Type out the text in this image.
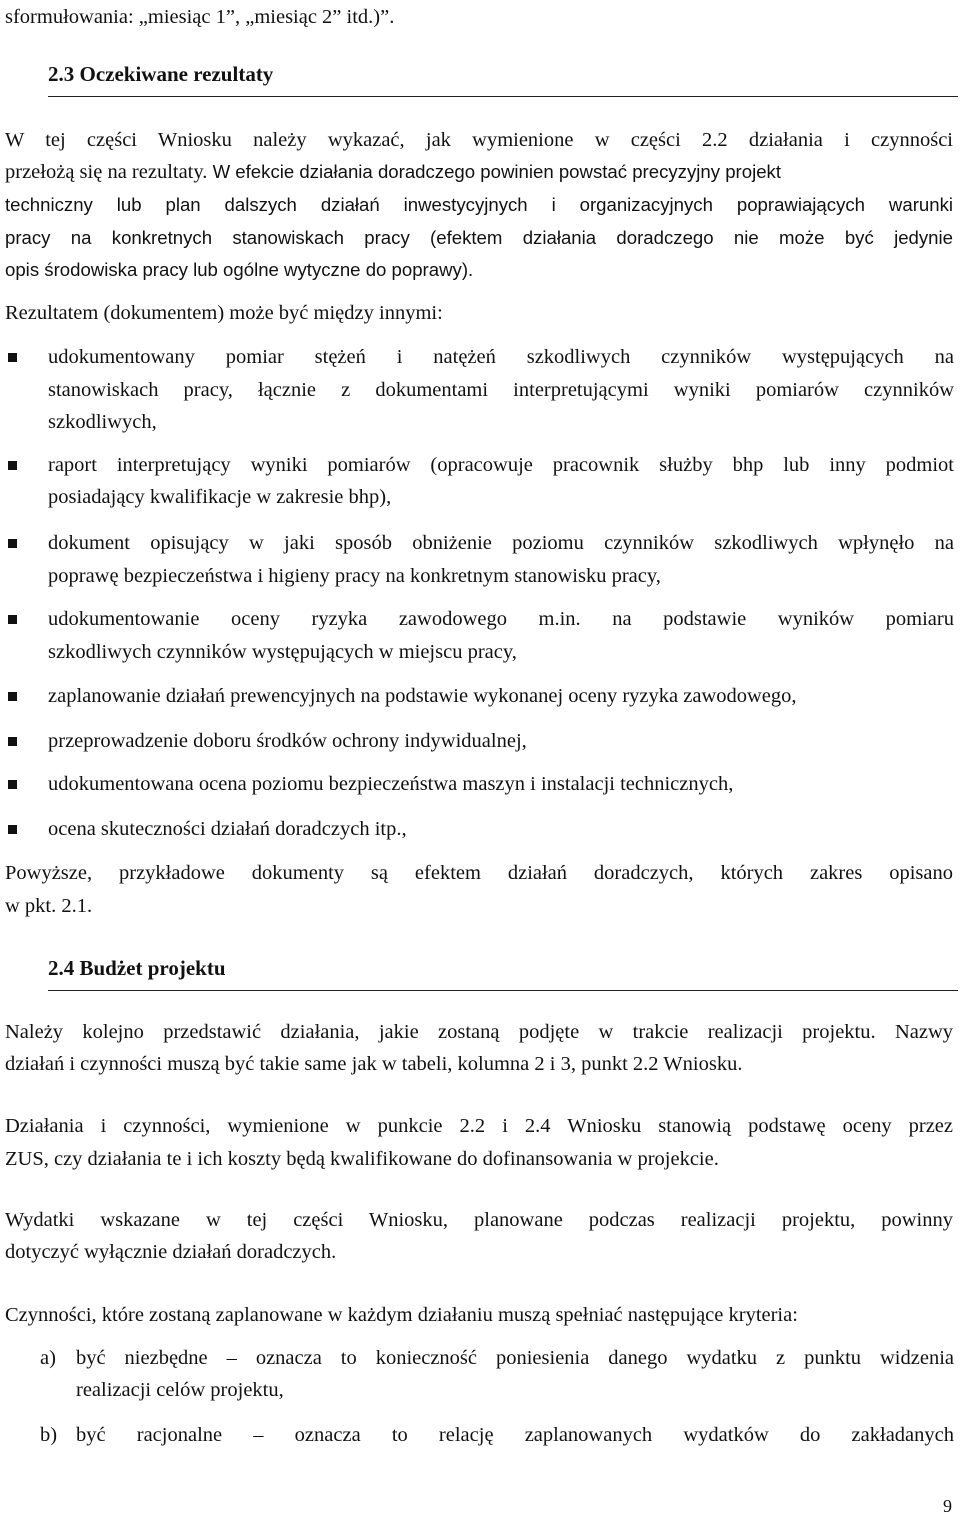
sformułowania: „miesiąc 1”, „miesiąc 2” itd.)”.
2.3 Oczekiwane rezultaty
W tej części Wniosku należy wykazać, jak wymienione w części 2.2 działania i czynności
przełożą się na rezultaty. W efekcie działania doradczego powinien powstać precyzyjny projekt
techniczny lub plan dalszych działań inwestycyjnych i organizacyjnych poprawiających warunki
pracy na konkretnych stanowiskach pracy (efektem działania doradczego nie może być jedynie
opis środowiska pracy lub ogólne wytyczne do poprawy).
Rezultatem (dokumentem) może być między innymi:
udokumentowany pomiar stężeń i natężeń szkodliwych czynników występujących na
stanowiskach pracy, łącznie z dokumentami interpretującymi wyniki pomiarów czynników
szkodliwych,
raport interpretujący wyniki pomiarów (opracowuje pracownik służby bhp lub inny podmiot
posiadający kwalifikacje w zakresie bhp),
dokument opisujący w jaki sposób obniżenie poziomu czynników szkodliwych wpłynęło na
poprawę bezpieczeństwa i higieny pracy na konkretnym stanowisku pracy,
udokumentowanie oceny ryzyka zawodowego m.in. na podstawie wyników pomiaru
szkodliwych czynników występujących w miejscu pracy,
zaplanowanie działań prewencyjnych na podstawie wykonanej oceny ryzyka zawodowego,
przeprowadzenie doboru środków ochrony indywidualnej,
udokumentowana ocena poziomu bezpieczeństwa maszyn i instalacji technicznych,
ocena skuteczności działań doradczych itp.,
Powyższe, przykładowe dokumenty są efektem działań doradczych, których zakres opisano
w pkt. 2.1.
2.4 Budżet projektu
Należy kolejno przedstawić działania, jakie zostaną podjęte w trakcie realizacji projektu. Nazwy
działań i czynności muszą być takie same jak w tabeli, kolumna 2 i 3, punkt 2.2 Wniosku.
Działania i czynności, wymienione w punkcie 2.2 i 2.4 Wniosku stanowią podstawę oceny przez
ZUS, czy działania te i ich koszty będą kwalifikowane do dofinansowania w projekcie.
Wydatki wskazane w tej części Wniosku, planowane podczas realizacji projektu, powinny
dotyczyć wyłącznie działań doradczych.
Czynności, które zostaną zaplanowane w każdym działaniu muszą spełniać następujące kryteria:
a) być niezbędne – oznacza to konieczność poniesienia danego wydatku z punktu widzenia
realizacji celów projektu,
b) być racjonalne – oznacza to relację zaplanowanych wydatków do zakładanych
9
